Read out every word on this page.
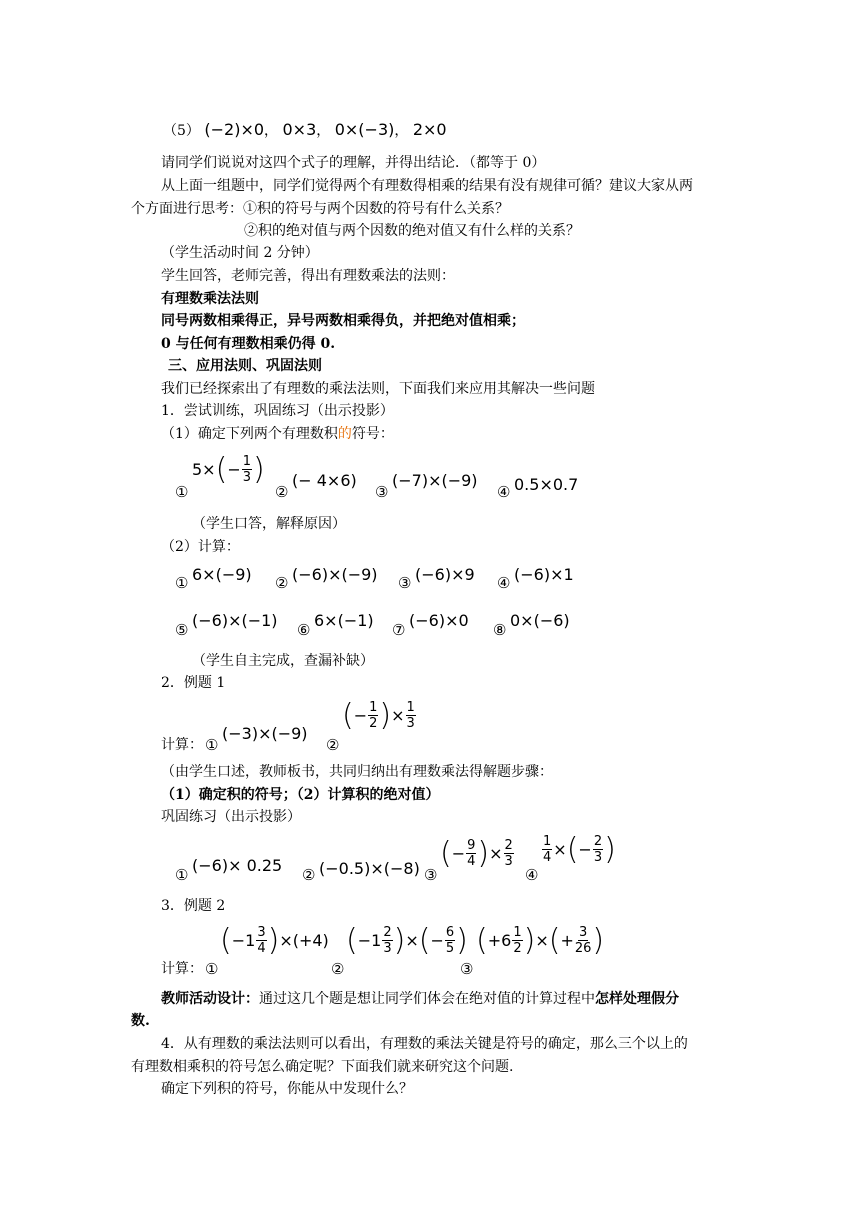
（5） (−2)×0， 0×3， 0×(−3)， 2×0
请同学们说说对这四个式子的理解，并得出结论．（都等于 0）
从上面一组题中，同学们觉得两个有理数得相乘的结果有没有规律可循？建议大家从两
个方面进行思考：①积的符号与两个因数的符号有什么关系？
②积的绝对值与两个因数的绝对值又有什么样的关系？
（学生活动时间 2 分钟）
学生回答，老师完善，得出有理数乘法的法则：
有理数乘法法则
同号两数相乘得正，异号两数相乘得负，并把绝对值相乘；
0 与任何有理数相乘仍得 0.
三、应用法则、巩固法则
我们已经探索出了有理数的乘法法则，下面我们来应用其解决一些问题
1．尝试训练，巩固练习（出示投影）
（1）确定下列两个有理数积的符号：
①
5× ( − $\frac{1}{3}$ )
②
(− 4×6)
③
(−7)×(−9)
④ 0.5×0.7
（学生口答，解释原因）
（2）计算：
① 6×(−9) ② (−6)×(−9) ③ (−6)×9 ④ (−6)×1
⑤ (−6)×(−1) ⑥ 6×(−1) ⑦ (−6)×0 ⑧ 0×(−6)
（学生自主完成，查漏补缺）
2．例题 1
计算： ①
(−3)×(−9)
②
( − $\frac{1}{2}$ ) × $\frac{1}{3}$
（由学生口述，教师板书，共同归纳出有理数乘法得解题步骤：
（1）确定积的符号；（2）计算积的绝对值）
巩固练习（出示投影）
① (−6)× 0.25 ② (−0.5)×(−8) ③
( − $\frac{9}{4}$ ) × $\frac{2}{3}$
④
$\frac{1}{4}$ × ( − $\frac{2}{3}$ )
3．例题 2
计算： ①
( $-1 \frac{3}{4}$ ) ×(+4)
②
( $-1 \frac{2}{3}$ ) × ( − $\frac{6}{5}$ )
③
( $+6 \frac{1}{2}$ ) × ( + $\frac{3}{26}$ )
教师活动设计：通过这几个题是想让同学们体会在绝对值的计算过程中怎样处理假分
数.
4．从有理数的乘法法则可以看出，有理数的乘法关键是符号的确定，那么三个以上的
有理数相乘积的符号怎么确定呢？下面我们就来研究这个问题.
确定下列积的符号，你能从中发现什么？
